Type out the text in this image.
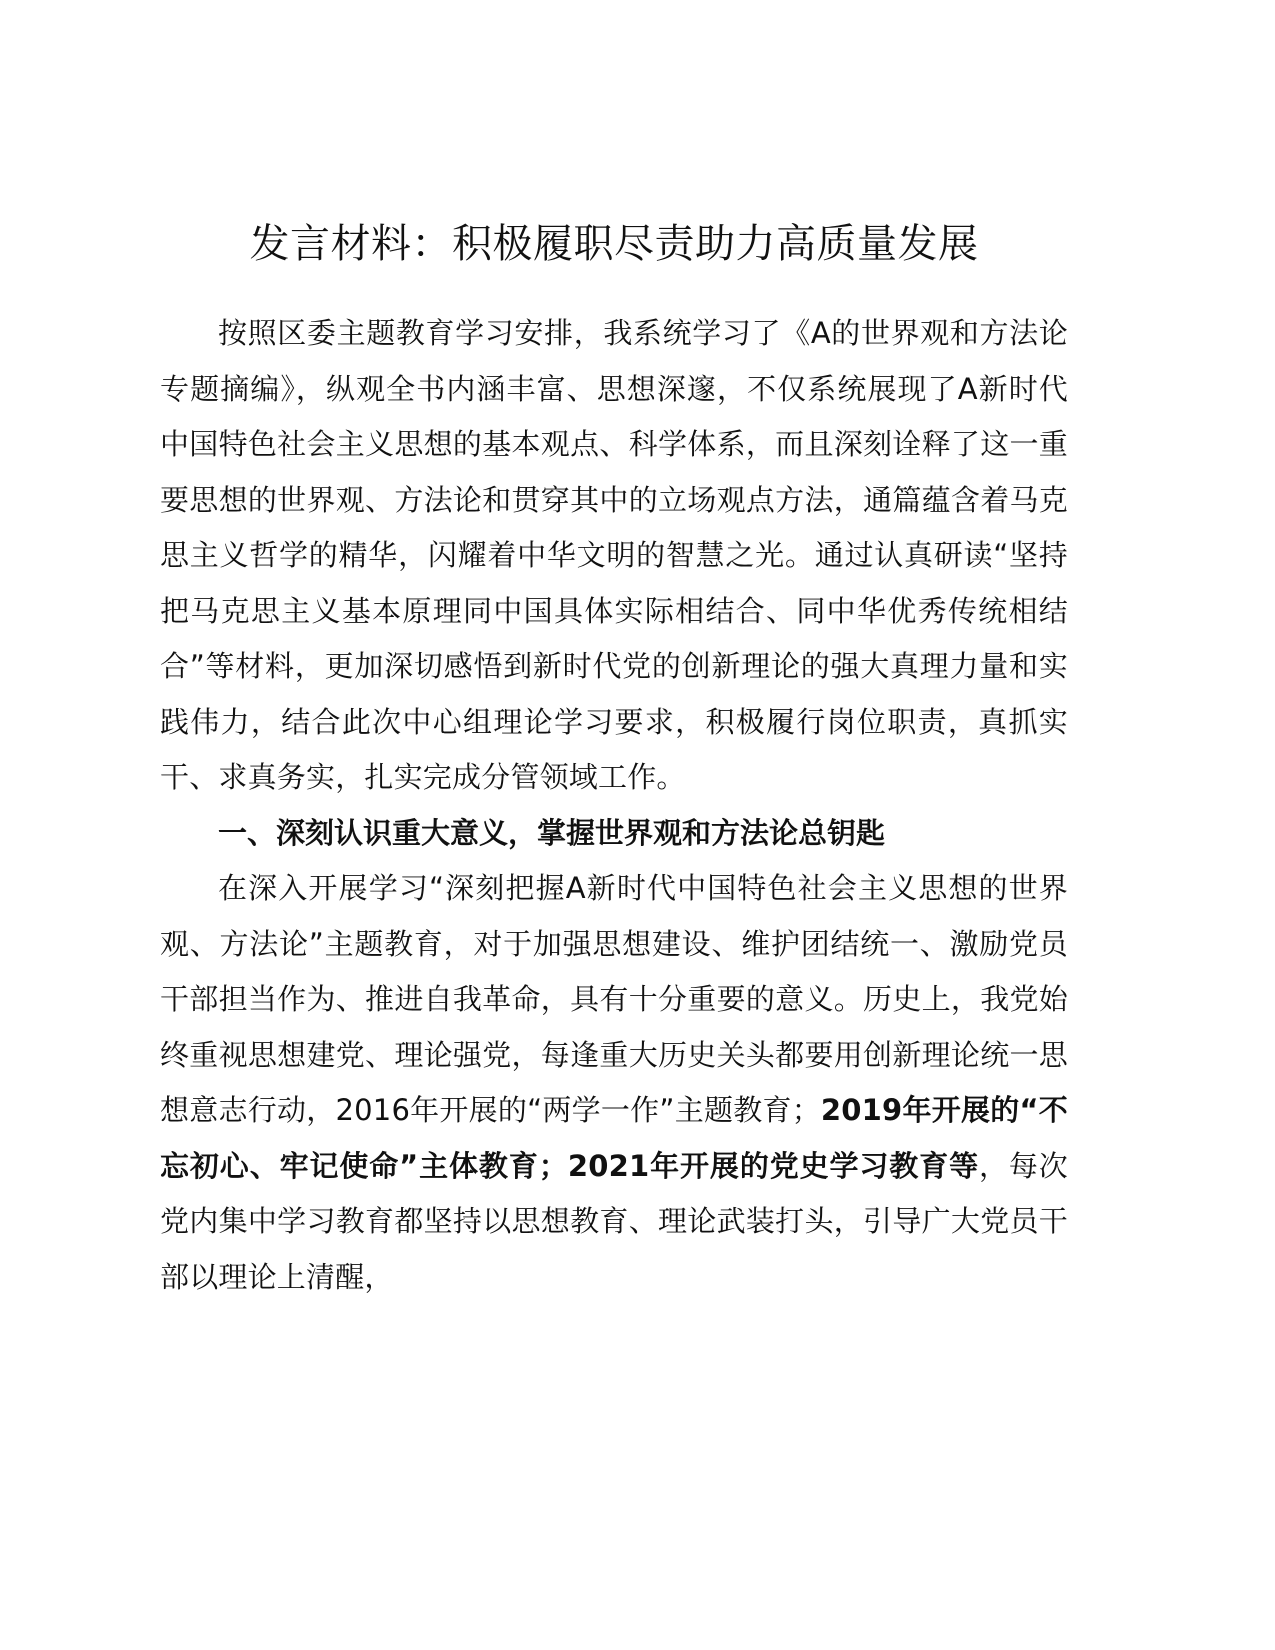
发言材料：积极履职尽责助力高质量发展

按照区委主题教育学习安排，我系统学习了《A的世界观和方法论专题摘编》，纵观全书内涵丰富、思想深邃，不仅系统展现了A新时代中国特色社会主义思想的基本观点、科学体系，而且深刻诠释了这一重要思想的世界观、方法论和贯穿其中的立场观点方法，通篇蕴含着马克思主义哲学的精华，闪耀着中华文明的智慧之光。通过认真研读“坚持把马克思主义基本原理同中国具体实际相结合、同中华优秀传统相结合”等材料，更加深切感悟到新时代党的创新理论的强大真理力量和实践伟力，结合此次中心组理论学习要求，积极履行岗位职责，真抓实干、求真务实，扎实完成分管领域工作。

一、深刻认识重大意义，掌握世界观和方法论总钥匙

在深入开展学习“深刻把握A新时代中国特色社会主义思想的世界观、方法论”主题教育，对于加强思想建设、维护团结统一、激励党员干部担当作为、推进自我革命，具有十分重要的意义。历史上，我党始终重视思想建党、理论强党，每逢重大历史关头都要用创新理论统一思想意志行动，2016年开展的“两学一作”主题教育；2019年开展的“不忘初心、牢记使命”主体教育；2021年开展的党史学习教育等，每次党内集中学习教育都坚持以思想教育、理论武装打头，引导广大党员干部以理论上清醒，
